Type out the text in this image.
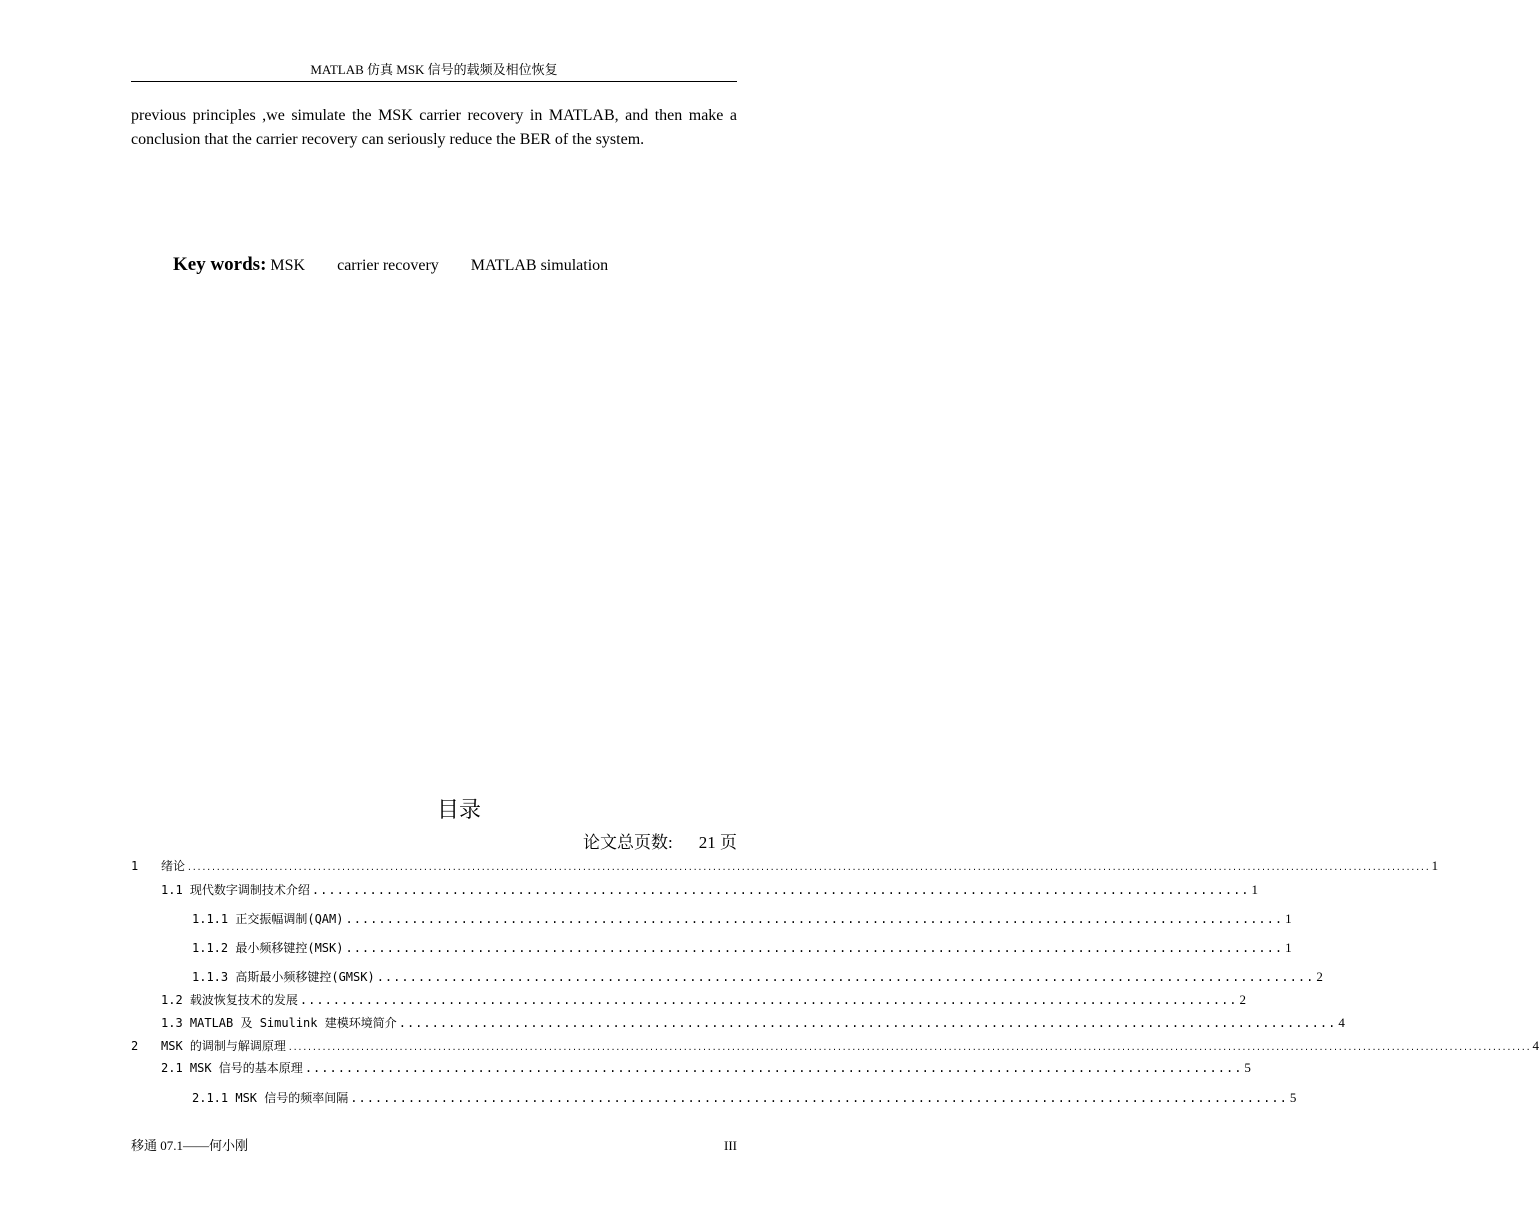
MATLAB 仿真 MSK 信号的载频及相位恢复
previous principles ,we simulate the MSK carrier recovery in MATLAB, and then make a conclusion that the carrier recovery can seriously reduce the BER of the system.
Key words: MSK carrier recovery MATLAB simulation
目录
论文总页数: 21 页
1	绪论 .................................................................................................................................................................................................................................................................. 1
1.1 现代数字调制技术介绍 .................................................................................................................. 1
1.1.1 正交振幅调制(QAM) .................................................................................................................. 1
1.1.2 最小频移键控(MSK) .................................................................................................................. 1
1.1.3 高斯最小频移键控(GMSK) .................................................................................................................. 2
1.2 载波恢复技术的发展 .................................................................................................................. 2
1.3 MATLAB 及 Simulink 建模环境简介 .................................................................................................................. 4
2	MSK 的调制与解调原理 .................................................................................................................................................................................................................................................................. 4
2.1 MSK 信号的基本原理 .................................................................................................................. 5
2.1.1 MSK 信号的频率间隔 .................................................................................................................. 5
移通 07.1——何小刚	III
